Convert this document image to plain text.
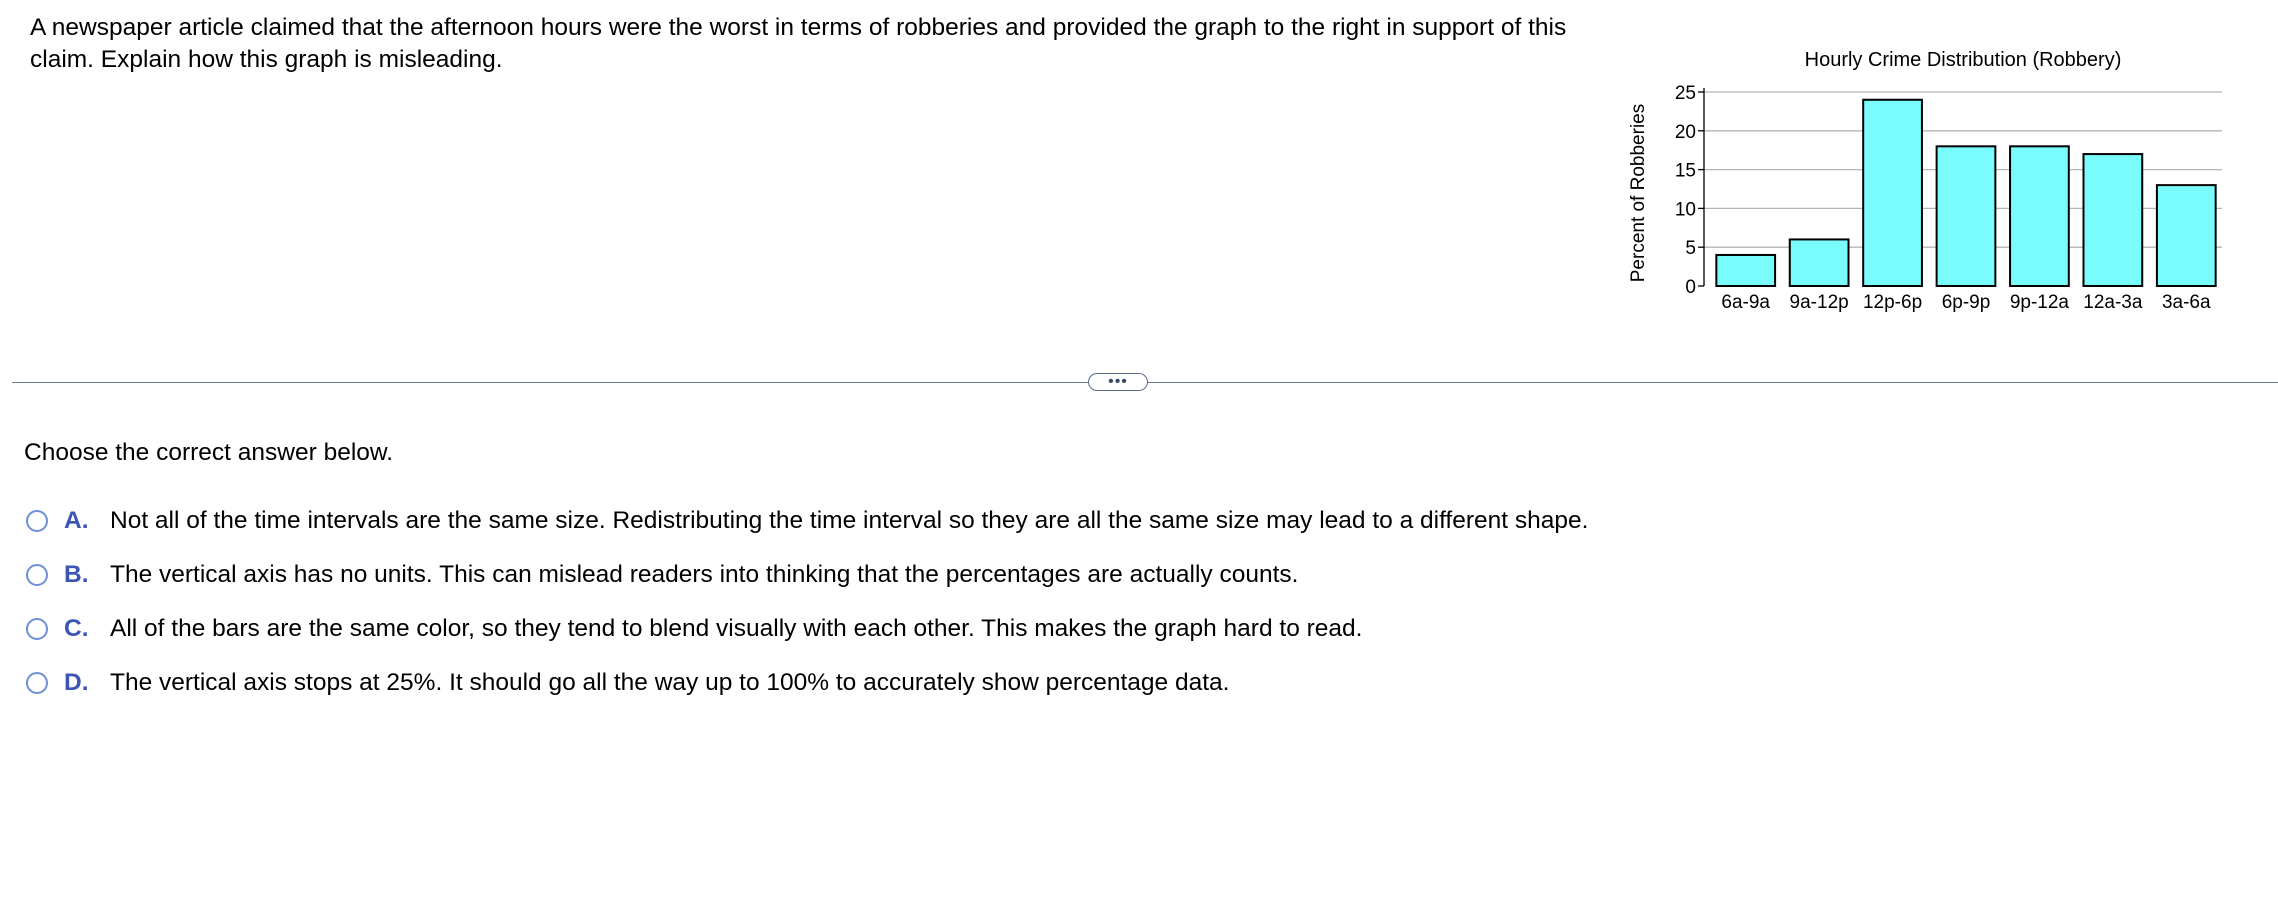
A newspaper article claimed that the afternoon hours were the worst in terms of robberies and provided the graph to the right in support of this claim. Explain how this graph is misleading.	Hourly Crime Distribution (Robbery)
Percent of Robberies
0
5
10
15
20
25
6a-9a 9a-12p 12p-6p 6p-9p 9p-12a 12a-3a 3a-6a
•••
Choose the correct answer below.
A. Not all of the time intervals are the same size. Redistributing the time interval so they are all the same size may lead to a different shape.
B. The vertical axis has no units. This can mislead readers into thinking that the percentages are actually counts.
C. All of the bars are the same color, so they tend to blend visually with each other. This makes the graph hard to read.
D. The vertical axis stops at 25%. It should go all the way up to 100% to accurately show percentage data.
